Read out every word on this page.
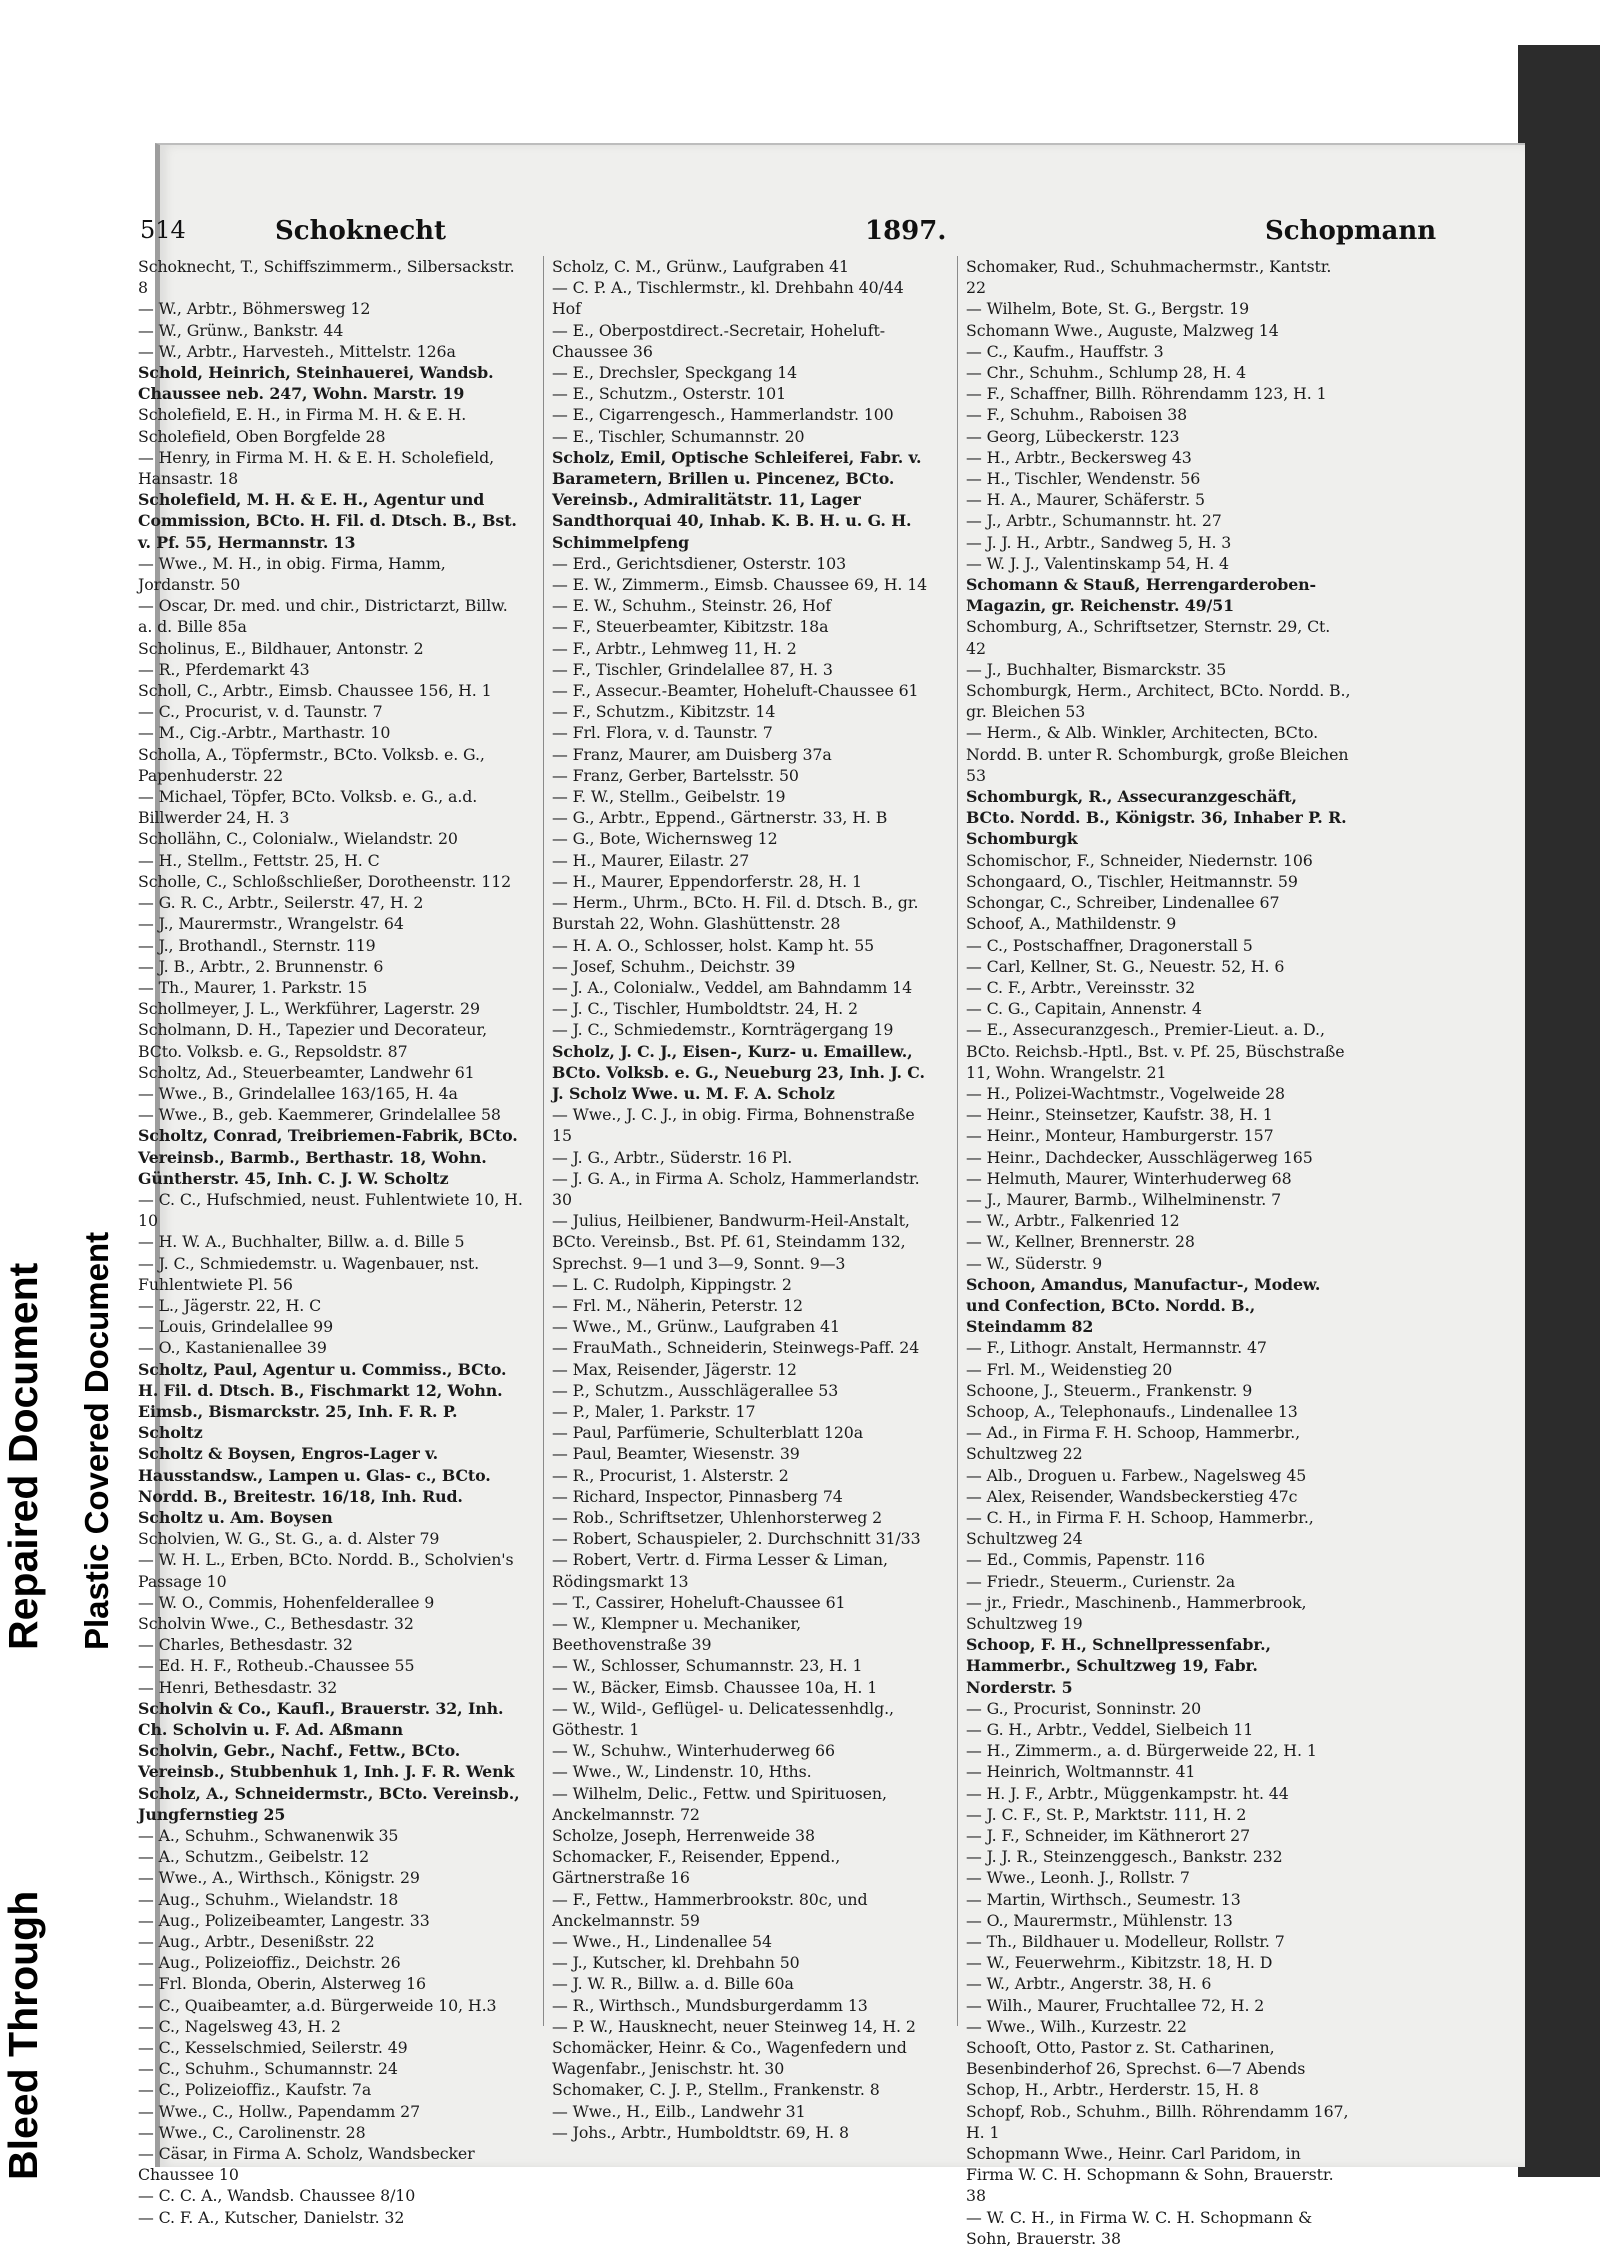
Repaired Document
Bleed Through
Plastic Covered Document
514	Schoknecht	1897.	Schopmann

Schoknecht, T., Schiffszimmerm., Silbersackstr. 8

— W., Arbtr., Böhmersweg 12

— W., Grünw., Bankstr. 44

— W., Arbtr., Harvestеh., Mittelstr. 126a

Schold, Heinrich, Steinhauerei, Wandsb. Chaussee neb. 247, Wohn. Marstr. 19

Scholefield, E. H., in Firma M. H. & E. H. Scholefield, Oben Borgfelde 28

— Henry, in Firma M. H. & E. H. Scholefield, Hansastr. 18

Scholefield, M. H. & E. H., Agentur und Commission, BCto. H. Fil. d. Dtsch. B., Bst. v. Pf. 55, Hermannstr. 13

— Wwe., M. H., in obig. Firma, Hamm, Jordanstr. 50

— Oscar, Dr. med. und chir., Districtarzt, Billw. a. d. Bille 85a

Scholinus, E., Bildhauer, Antonstr. 2

— R., Pferdemarkt 43

Scholl, C., Arbtr., Eimsb. Chaussee 156, H. 1

— C., Procurist, v. d. Taunstr. 7

— M., Cig.-Arbtr., Marthastr. 10

Scholla, A., Töpfermstr., BCto. Volksb. e. G., Papenhuderstr. 22

— Michael, Töpfer, BCto. Volksb. e. G., a.d. Billwerder 24, H. 3

Schollähn, C., Colonialw., Wielandstr. 20

— H., Stellm., Fettstr. 25, H. C

Scholle, C., Schloßschließer, Dorotheenstr. 112

— G. R. C., Arbtr., Seilerstr. 47, H. 2

— J., Maurermstr., Wrangelstr. 64

— J., Brothandl., Sternstr. 119

— J. B., Arbtr., 2. Brunnenstr. 6

— Th., Maurer, 1. Parkstr. 15

Schollmeyer, J. L., Werkführer, Lagerstr. 29

Scholmann, D. H., Tapezier und Decorateur, BCto. Volksb. e. G., Repsoldstr. 87

Scholtz, Ad., Steuerbeamter, Landwehr 61

— Wwe., B., Grindelallee 163/165, H. 4a

— Wwe., B., geb. Kaemmerer, Grindelallee 58

Scholtz, Conrad, Treibriemen-Fabrik, BCto. Vereinsb., Barmb., Berthastr. 18, Wohn. Güntherstr. 45, Inh. C. J. W. Scholtz

— C. C., Hufschmied, neust. Fuhlentwiete 10, H. 10

— H. W. A., Buchhalter, Billw. a. d. Bille 5

— J. C., Schmiedemstr. u. Wagenbauer, nst. Fuhlentwiete Pl. 56

— L., Jägerstr. 22, H. C

— Louis, Grindelallee 99

— O., Kastanienallee 39

Scholtz, Paul, Agentur u. Commiss., BCto. H. Fil. d. Dtsch. B., Fischmarkt 12, Wohn. Eimsb., Bismarckstr. 25, Inh. F. R. P. Scholtz

Scholtz & Boysen, Engros-Lager v. Hausstandsw., Lampen u. Glas- c., BCto. Nordd. B., Breitestr. 16/18, Inh. Rud. Scholtz u. Am. Boysen

Scholvien, W. G., St. G., a. d. Alster 79

— W. H. L., Erben, BCto. Nordd. B., Scholvien's Passage 10

— W. O., Commis, Hohenfelderallee 9

Scholvin Wwe., C., Bethesdastr. 32

— Charles, Bethesdastr. 32

— Ed. H. F., Rotheub.-Chaussee 55

— Henri, Bethesdastr. 32

Scholvin & Co., Kaufl., Brauerstr. 32, Inh. Ch. Scholvin u. F. Ad. Aßmann

Scholvin, Gebr., Nachf., Fettw., BCto. Vereinsb., Stubbenhuk 1, Inh. J. F. R. Wenk

Scholz, A., Schneidermstr., BCto. Vereinsb., Jungfernstieg 25

— A., Schuhm., Schwanenwik 35

— A., Schutzm., Geibelstr. 12

— Wwe., A., Wirthsch., Königstr. 29

— Aug., Schuhm., Wielandstr. 18

— Aug., Polizeibeamter, Langestr. 33

— Aug., Arbtr., Desenißstr. 22

— Aug., Polizeioffiz., Deichstr. 26

— Frl. Blonda, Oberin, Alsterweg 16

— C., Quaibeamter, a.d. Bürgerweide 10, H.3

— C., Nagelsweg 43, H. 2

— C., Kesselschmied, Seilerstr. 49

— C., Schuhm., Schumannstr. 24

— C., Polizeioffiz., Kaufstr. 7a

— Wwe., C., Hollw., Papendamm 27

— Wwe., C., Carolinenstr. 28

— Cäsar, in Firma A. Scholz, Wandsbecker Chaussee 10

— C. C. A., Wandsb. Chaussee 8/10

— C. F. A., Kutscher, Danielstr. 32

Scholz, C. M., Grünw., Laufgraben 41

— C. P. A., Tischlermstr., kl. Drehbahn 40/44 Hof

— E., Oberpostdirect.-Secretair, Hoheluft-Chaussee 36

— E., Drechsler, Speckgang 14

— E., Schutzm., Osterstr. 101

— E., Cigarrengesch., Hammerlandstr. 100

— E., Tischler, Schumannstr. 20

Scholz, Emil, Optische Schleiferei, Fabr. v. Barametern, Brillen u. Pincenez, BCto. Vereinsb., Admiralitätstr. 11, Lager Sandthorquai 40, Inhab. K. B. H. u. G. H. Schimmelpfeng

— Erd., Gerichtsdiener, Osterstr. 103

— E. W., Zimmerm., Eimsb. Chaussee 69, H. 14

— E. W., Schuhm., Steinstr. 26, Hof

— F., Steuerbeamter, Kibitzstr. 18a

— F., Arbtr., Lehmweg 11, H. 2

— F., Tischler, Grindelallee 87, H. 3

— F., Assecur.-Beamter, Hoheluft-Chaussee 61

— F., Schutzm., Kibitzstr. 14

— Frl. Flora, v. d. Taunstr. 7

— Franz, Maurer, am Duisberg 37a

— Franz, Gerber, Bartelsstr. 50

— F. W., Stellm., Geibelstr. 19

— G., Arbtr., Eppend., Gärtnerstr. 33, H. B

— G., Bote, Wichernsweg 12

— H., Maurer, Eilastr. 27

— H., Maurer, Eppendorferstr. 28, H. 1

— Herm., Uhrm., BCto. H. Fil. d. Dtsch. B., gr. Burstah 22, Wohn. Glashüttenstr. 28

— H. A. O., Schlosser, holst. Kamp ht. 55

— Josef, Schuhm., Deichstr. 39

— J. A., Colonialw., Veddel, am Bahndamm 14

— J. C., Tischler, Humboldtstr. 24, H. 2

— J. C., Schmiedemstr., Kornträgergang 19

Scholz, J. C. J., Eisen-, Kurz- u. Emaillew., BCto. Volksb. e. G., Neueburg 23, Inh. J. C. J. Scholz Wwe. u. M. F. A. Scholz

— Wwe., J. C. J., in obig. Firma, Bohnenstraße 15

— J. G., Arbtr., Süderstr. 16 Pl.

— J. G. A., in Firma A. Scholz, Hammerlandstr. 30

— Julius, Heilbiener, Bandwurm-Heil-Anstalt, BCto. Vereinsb., Bst. Pf. 61, Steindamm 132, Sprechst. 9—1 und 3—9, Sonnt. 9—3

— L. C. Rudolph, Kippingstr. 2

— Frl. M., Näherin, Peterstr. 12

— Wwe., M., Grünw., Laufgraben 41

— FrauMath., Schneiderin, Steinwegs-Paff. 24

— Max, Reisender, Jägerstr. 12

— P., Schutzm., Ausschlägerallee 53

— P., Maler, 1. Parkstr. 17

— Paul, Parfümerie, Schulterblatt 120a

— Paul, Beamter, Wiesenstr. 39

— R., Procurist, 1. Alsterstr. 2

— Richard, Inspector, Pinnasberg 74

— Rob., Schriftsetzer, Uhlenhorsterweg 2

— Robert, Schauspieler, 2. Durchschnitt 31/33

— Robert, Vertr. d. Firma Lesser & Liman, Rödingsmarkt 13

— T., Cassirer, Hoheluft-Chaussee 61

— W., Klempner u. Mechaniker, Beethovenstraße 39

— W., Schlosser, Schumannstr. 23, H. 1

— W., Bäcker, Eimsb. Chaussee 10a, H. 1

— W., Wild-, Geflügel- u. Delicatessenhdlg., Göthestr. 1

— W., Schuhw., Winterhuderweg 66

— Wwe., W., Lindenstr. 10, Hths.

— Wilhelm, Delic., Fettw. und Spirituosen, Anckelmannstr. 72

Scholze, Joseph, Herrenweide 38

Schomacker, F., Reisender, Eppend., Gärtnerstraße 16

— F., Fettw., Hammerbrookstr. 80c, und Anckelmannstr. 59

— Wwe., H., Lindenallee 54

— J., Kutscher, kl. Drehbahn 50

— J. W. R., Billw. a. d. Bille 60a

— R., Wirthsch., Mundsburgerdamm 13

— P. W., Hausknecht, neuer Steinweg 14, H. 2

Schomäcker, Heinr. & Co., Wagenfedern und Wagenfabr., Jenischstr. ht. 30

Schomaker, C. J. P., Stellm., Frankenstr. 8

— Wwe., H., Eilb., Landwehr 31

— Johs., Arbtr., Humboldtstr. 69, H. 8

Schomaker, Rud., Schuhmachermstr., Kantstr. 22

— Wilhelm, Bote, St. G., Bergstr. 19

Schomann Wwe., Auguste, Malzweg 14

— C., Kaufm., Hauffstr. 3

— Chr., Schuhm., Schlump 28, H. 4

— F., Schaffner, Billh. Röhrendamm 123, H. 1

— F., Schuhm., Raboisen 38

— Georg, Lübeckerstr. 123

— H., Arbtr., Beckersweg 43

— H., Tischler, Wendenstr. 56

— H. A., Maurer, Schäferstr. 5

— J., Arbtr., Schumannstr. ht. 27

— J. J. H., Arbtr., Sandweg 5, H. 3

— W. J. J., Valentinskamp 54, H. 4

Schomann & Stauß, Herrengarderoben-Magazin, gr. Reichenstr. 49/51

Schomburg, A., Schriftsetzer, Sternstr. 29, Ct. 42

— J., Buchhalter, Bismarckstr. 35

Schomburgk, Herm., Architect, BCto. Nordd. B., gr. Bleichen 53

— Herm., & Alb. Winkler, Architecten, BCto. Nordd. B. unter R. Schomburgk, große Bleichen 53

Schomburgk, R., Assecuranzgeschäft, BCto. Nordd. B., Königstr. 36, Inhaber P. R. Schomburgk

Schomischor, F., Schneider, Niedernstr. 106

Schongaard, O., Tischler, Heitmannstr. 59

Schongar, C., Schreiber, Lindenallee 67

Schoof, A., Mathildenstr. 9

— C., Postschaffner, Dragonerstall 5

— Carl, Kellner, St. G., Neuestr. 52, H. 6

— C. F., Arbtr., Vereinsstr. 32

— C. G., Capitain, Annenstr. 4

— E., Assecuranzgesch., Premier-Lieut. a. D., BCto. Reichsb.-Hptl., Bst. v. Pf. 25, Büschstraße 11, Wohn. Wrangelstr. 21

— H., Polizei-Wachtmstr., Vogelweide 28

— Heinr., Steinsetzer, Kaufstr. 38, H. 1

— Heinr., Monteur, Hamburgerstr. 157

— Heinr., Dachdecker, Ausschlägerweg 165

— Helmuth, Maurer, Winterhuderweg 68

— J., Maurer, Barmb., Wilhelminenstr. 7

— W., Arbtr., Falkenried 12

— W., Kellner, Brennerstr. 28

— W., Süderstr. 9

Schoon, Amandus, Manufactur-, Modew. und Confection, BCto. Nordd. B., Steindamm 82

— F., Lithogr. Anstalt, Hermannstr. 47

— Frl. M., Weidenstieg 20

Schoone, J., Steuerm., Frankenstr. 9

Schoop, A., Telephonaufs., Lindenallee 13

— Ad., in Firma F. H. Schoop, Hammerbr., Schultzweg 22

— Alb., Droguen u. Farbew., Nagelsweg 45

— Alex, Reisender, Wandsbeckerstieg 47c

— C. H., in Firma F. H. Schoop, Hammerbr., Schultzweg 24

— Ed., Commis, Papenstr. 116

— Friedr., Steuerm., Curienstr. 2a

— jr., Friedr., Maschinenb., Hammerbrook, Schultzweg 19

Schoop, F. H., Schnellpressenfabr., Hammerbr., Schultzweg 19, Fabr. Norderstr. 5

— G., Procurist, Sonninstr. 20

— G. H., Arbtr., Veddel, Sielbeich 11

— H., Zimmerm., a. d. Bürgerweide 22, H. 1

— Heinrich, Woltmannstr. 41

— H. J. F., Arbtr., Müggenkampstr. ht. 44

— J. C. F., St. P., Marktstr. 111, H. 2

— J. F., Schneider, im Käthnerort 27

— J. J. R., Steinzenggesch., Bankstr. 232

— Wwe., Leonh. J., Rollstr. 7

— Martin, Wirthsch., Seumestr. 13

— O., Maurermstr., Mühlenstr. 13

— Th., Bildhauer u. Modelleur, Rollstr. 7

— W., Feuerwehrm., Kibitzstr. 18, H. D

— W., Arbtr., Angerstr. 38, H. 6

— Wilh., Maurer, Fruchtallee 72, H. 2

— Wwe., Wilh., Kurzestr. 22

Schooſt, Otto, Pastor z. St. Catharinen, Besenbinderhof 26, Sprechst. 6—7 Abends

Schop, H., Arbtr., Herderstr. 15, H. 8

Schopf, Rob., Schuhm., Billh. Röhrendamm 167, H. 1

Schopmann Wwe., Heinr. Carl Paridom, in Firma W. C. H. Schopmann & Sohn, Brauerstr. 38

— W. C. H., in Firma W. C. H. Schopmann & Sohn, Brauerstr. 38
